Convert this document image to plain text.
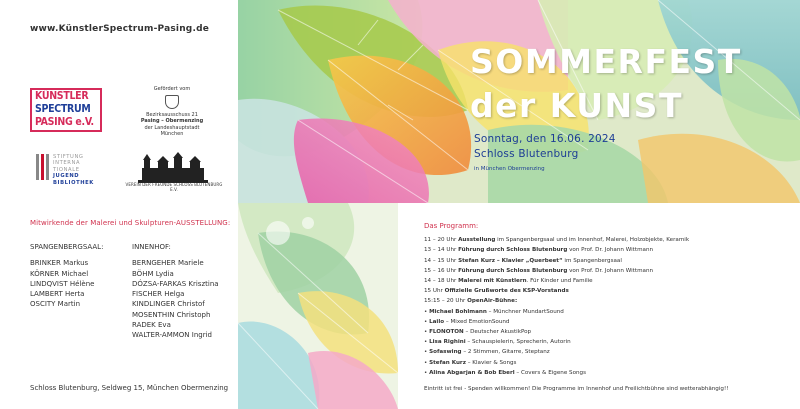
www.KünstlerSpectrum-Pasing.de
KÜNSTLER
SPECTRUM
PASING e.V.
Gefördert vom
Bezirksausschuss 21
Pasing – Obermenzing
der Landeshauptstadt
München
STIFTUNG
INTERNA
TIONALE
JUGEND
BIBLIOTHEK	VEREIN DER FREUNDE SCHLOSS BLUTENBURG E.V.
Mitwirkende der Malerei und Skulpturen-AUSSTELLUNG:
SPANGENBERGSAAL:
BRINKER Markus
KÖRNER Michael
LINDQVIST Hélène
LAMBERT Herta
OSCITY Martin
INNENHOF:
BERNGEHER Mariele
BÖHM Lydia
DÓZSA-FARKAS Krisztina
FISCHER Helga
KINDLINGER Christof
MOSENTHIN Christoph
RADEK Eva
WALTER-AMMON Ingrid
Schloss Blutenburg, Seldweg 15, München Obermenzing
SOMMERFEST
der KUNST
Sonntag, den 16.06. 2024
Schloss Blutenburg
in München Obermenzing
Das Programm:
11 – 20 Uhr Ausstellung im Spangenbergsaal und im Innenhof, Malerei, Holzobjekte, Keramik
13 – 14 Uhr Führung durch Schloss Blutenburg von Prof. Dr. Johann Wittmann
14 – 15 Uhr Stefan Kurz – Klavier „Querbeet“ im Spangenbergsaal
15 – 16 Uhr Führung durch Schloss Blutenburg von Prof. Dr. Johann Wittmann
14 – 18 Uhr Malerei mit Künstlern. Für Kinder und Familie
15 Uhr Offizielle Grußworte des KSP-Vorstands
15:15 – 20 Uhr OpenAir-Bühne:
• Michael Bohlmann – Münchner MundartSound
• Lailo – Mixed EmotionSound
• FLONOTON – Deutscher AkustikPop
• Lisa Righini – Schauspielerin, Sprecherin, Autorin
• Sofaswing – 2 Stimmen, Gitarre, Steptanz
• Stefan Kurz – Klavier & Songs
• Alina Abgarjan & Bob Eberl – Covers & Eigene Songs
Eintritt ist frei - Spenden willkommen! Die Programme im Innenhof und Freilichtbühne sind wetterabhängig!!
